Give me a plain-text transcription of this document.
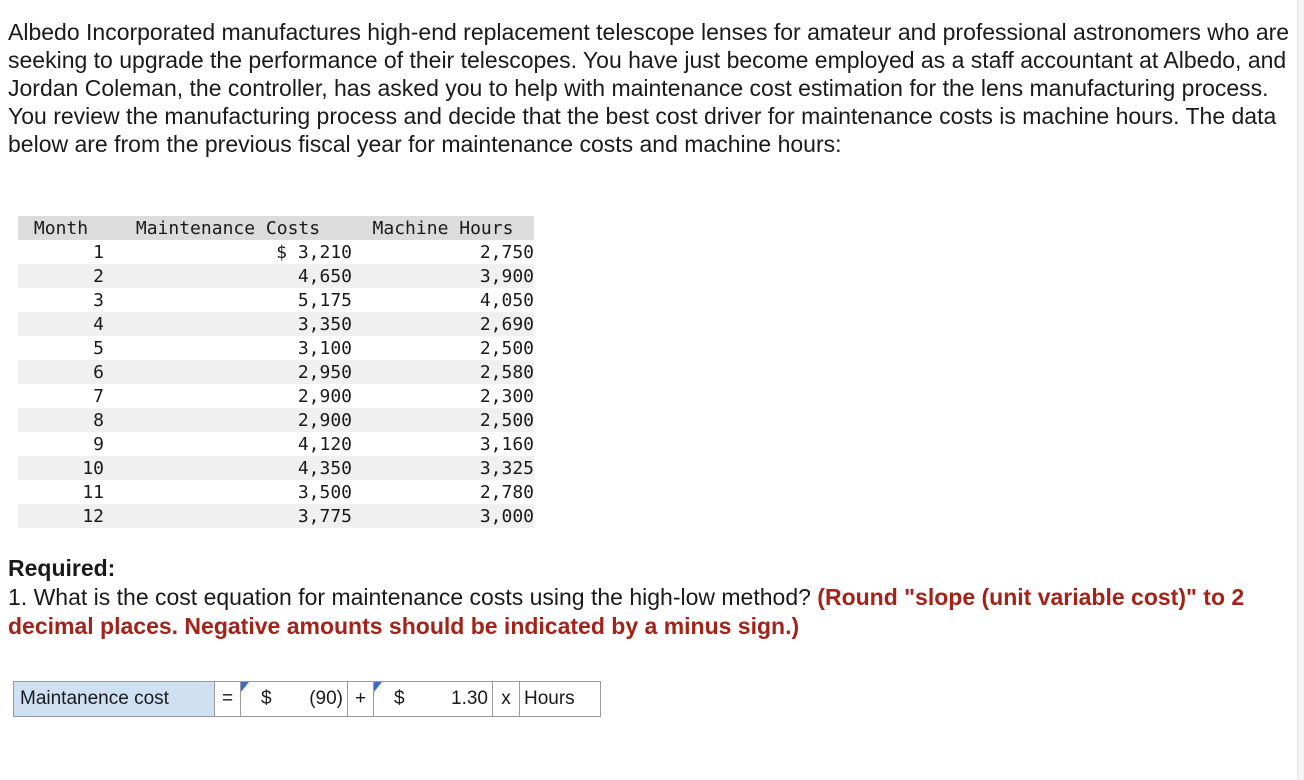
Albedo Incorporated manufactures high-end replacement telescope lenses for amateur and professional astronomers who are seeking to upgrade the performance of their telescopes. You have just become employed as a staff accountant at Albedo, and Jordan Coleman, the controller, has asked you to help with maintenance cost estimation for the lens manufacturing process. You review the manufacturing process and decide that the best cost driver for maintenance costs is machine hours. The data below are from the previous fiscal year for maintenance costs and machine hours:

Month	Maintenance Costs	Machine Hours
1	$ 3,210	2,750
2	4,650	3,900
3	5,175	4,050
4	3,350	2,690
5	3,100	2,500
6	2,950	2,580
7	2,900	2,300
8	2,900	2,500
9	4,120	3,160
10	4,350	3,325
11	3,500	2,780
12	3,775	3,000
Required:
1. What is the cost equation for maintenance costs using the high-low method? (Round "slope (unit variable cost)" to 2 decimal places. Negative amounts should be indicated by a minus sign.)
Maintanence cost	=	$	(90) +	$	1.30 x Hours
